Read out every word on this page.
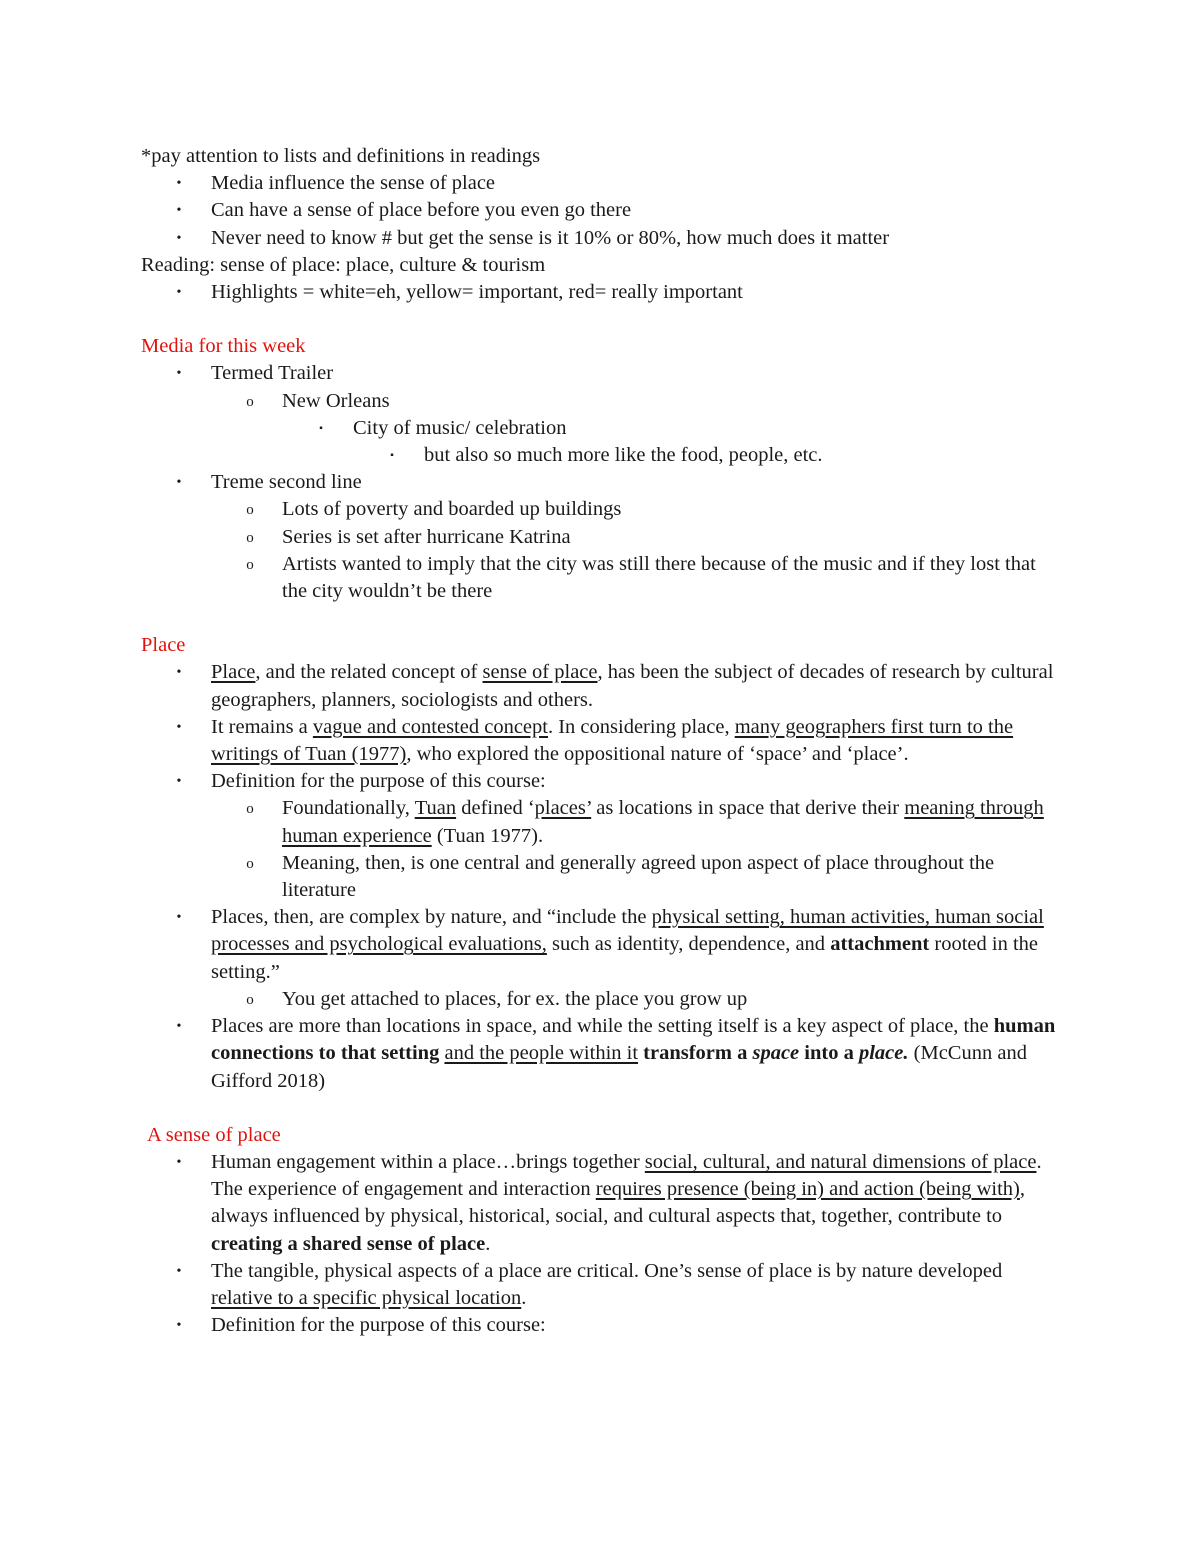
*pay attention to lists and definitions in readings
• Media influence the sense of place
• Can have a sense of place before you even go there
• Never need to know # but get the sense is it 10% or 80%, how much does it matter
Reading: sense of place: place, culture & tourism
• Highlights = white=eh, yellow= important, red= really important
Media for this week
• Termed Trailer
o New Orleans
▪ City of music/ celebration
▪ but also so much more like the food, people, etc.
• Treme second line
o Lots of poverty and boarded up buildings
o Series is set after hurricane Katrina
o Artists wanted to imply that the city was still there because of the music and if they lost that the city wouldn’t be there
Place
• Place, and the related concept of sense of place, has been the subject of decades of research by cultural geographers, planners, sociologists and others.
• It remains a vague and contested concept. In considering place, many geographers first turn to the writings of Tuan (1977), who explored the oppositional nature of ‘space’ and ‘place’.
• Definition for the purpose of this course:
o Foundationally, Tuan defined ‘places’ as locations in space that derive their meaning through human experience (Tuan 1977).
o Meaning, then, is one central and generally agreed upon aspect of place throughout the literature
• Places, then, are complex by nature, and “include the physical setting, human activities, human social processes and psychological evaluations, such as identity, dependence, and attachment rooted in the setting.”
o You get attached to places, for ex. the place you grow up
• Places are more than locations in space, and while the setting itself is a key aspect of place, the human connections to that setting and the people within it transform a space into a place. (McCunn and Gifford 2018)
A sense of place
• Human engagement within a place…brings together social, cultural, and natural dimensions of place. The experience of engagement and interaction requires presence (being in) and action (being with), always influenced by physical, historical, social, and cultural aspects that, together, contribute to creating a shared sense of place.
• The tangible, physical aspects of a place are critical. One’s sense of place is by nature developed relative to a specific physical location.
• Definition for the purpose of this course:
